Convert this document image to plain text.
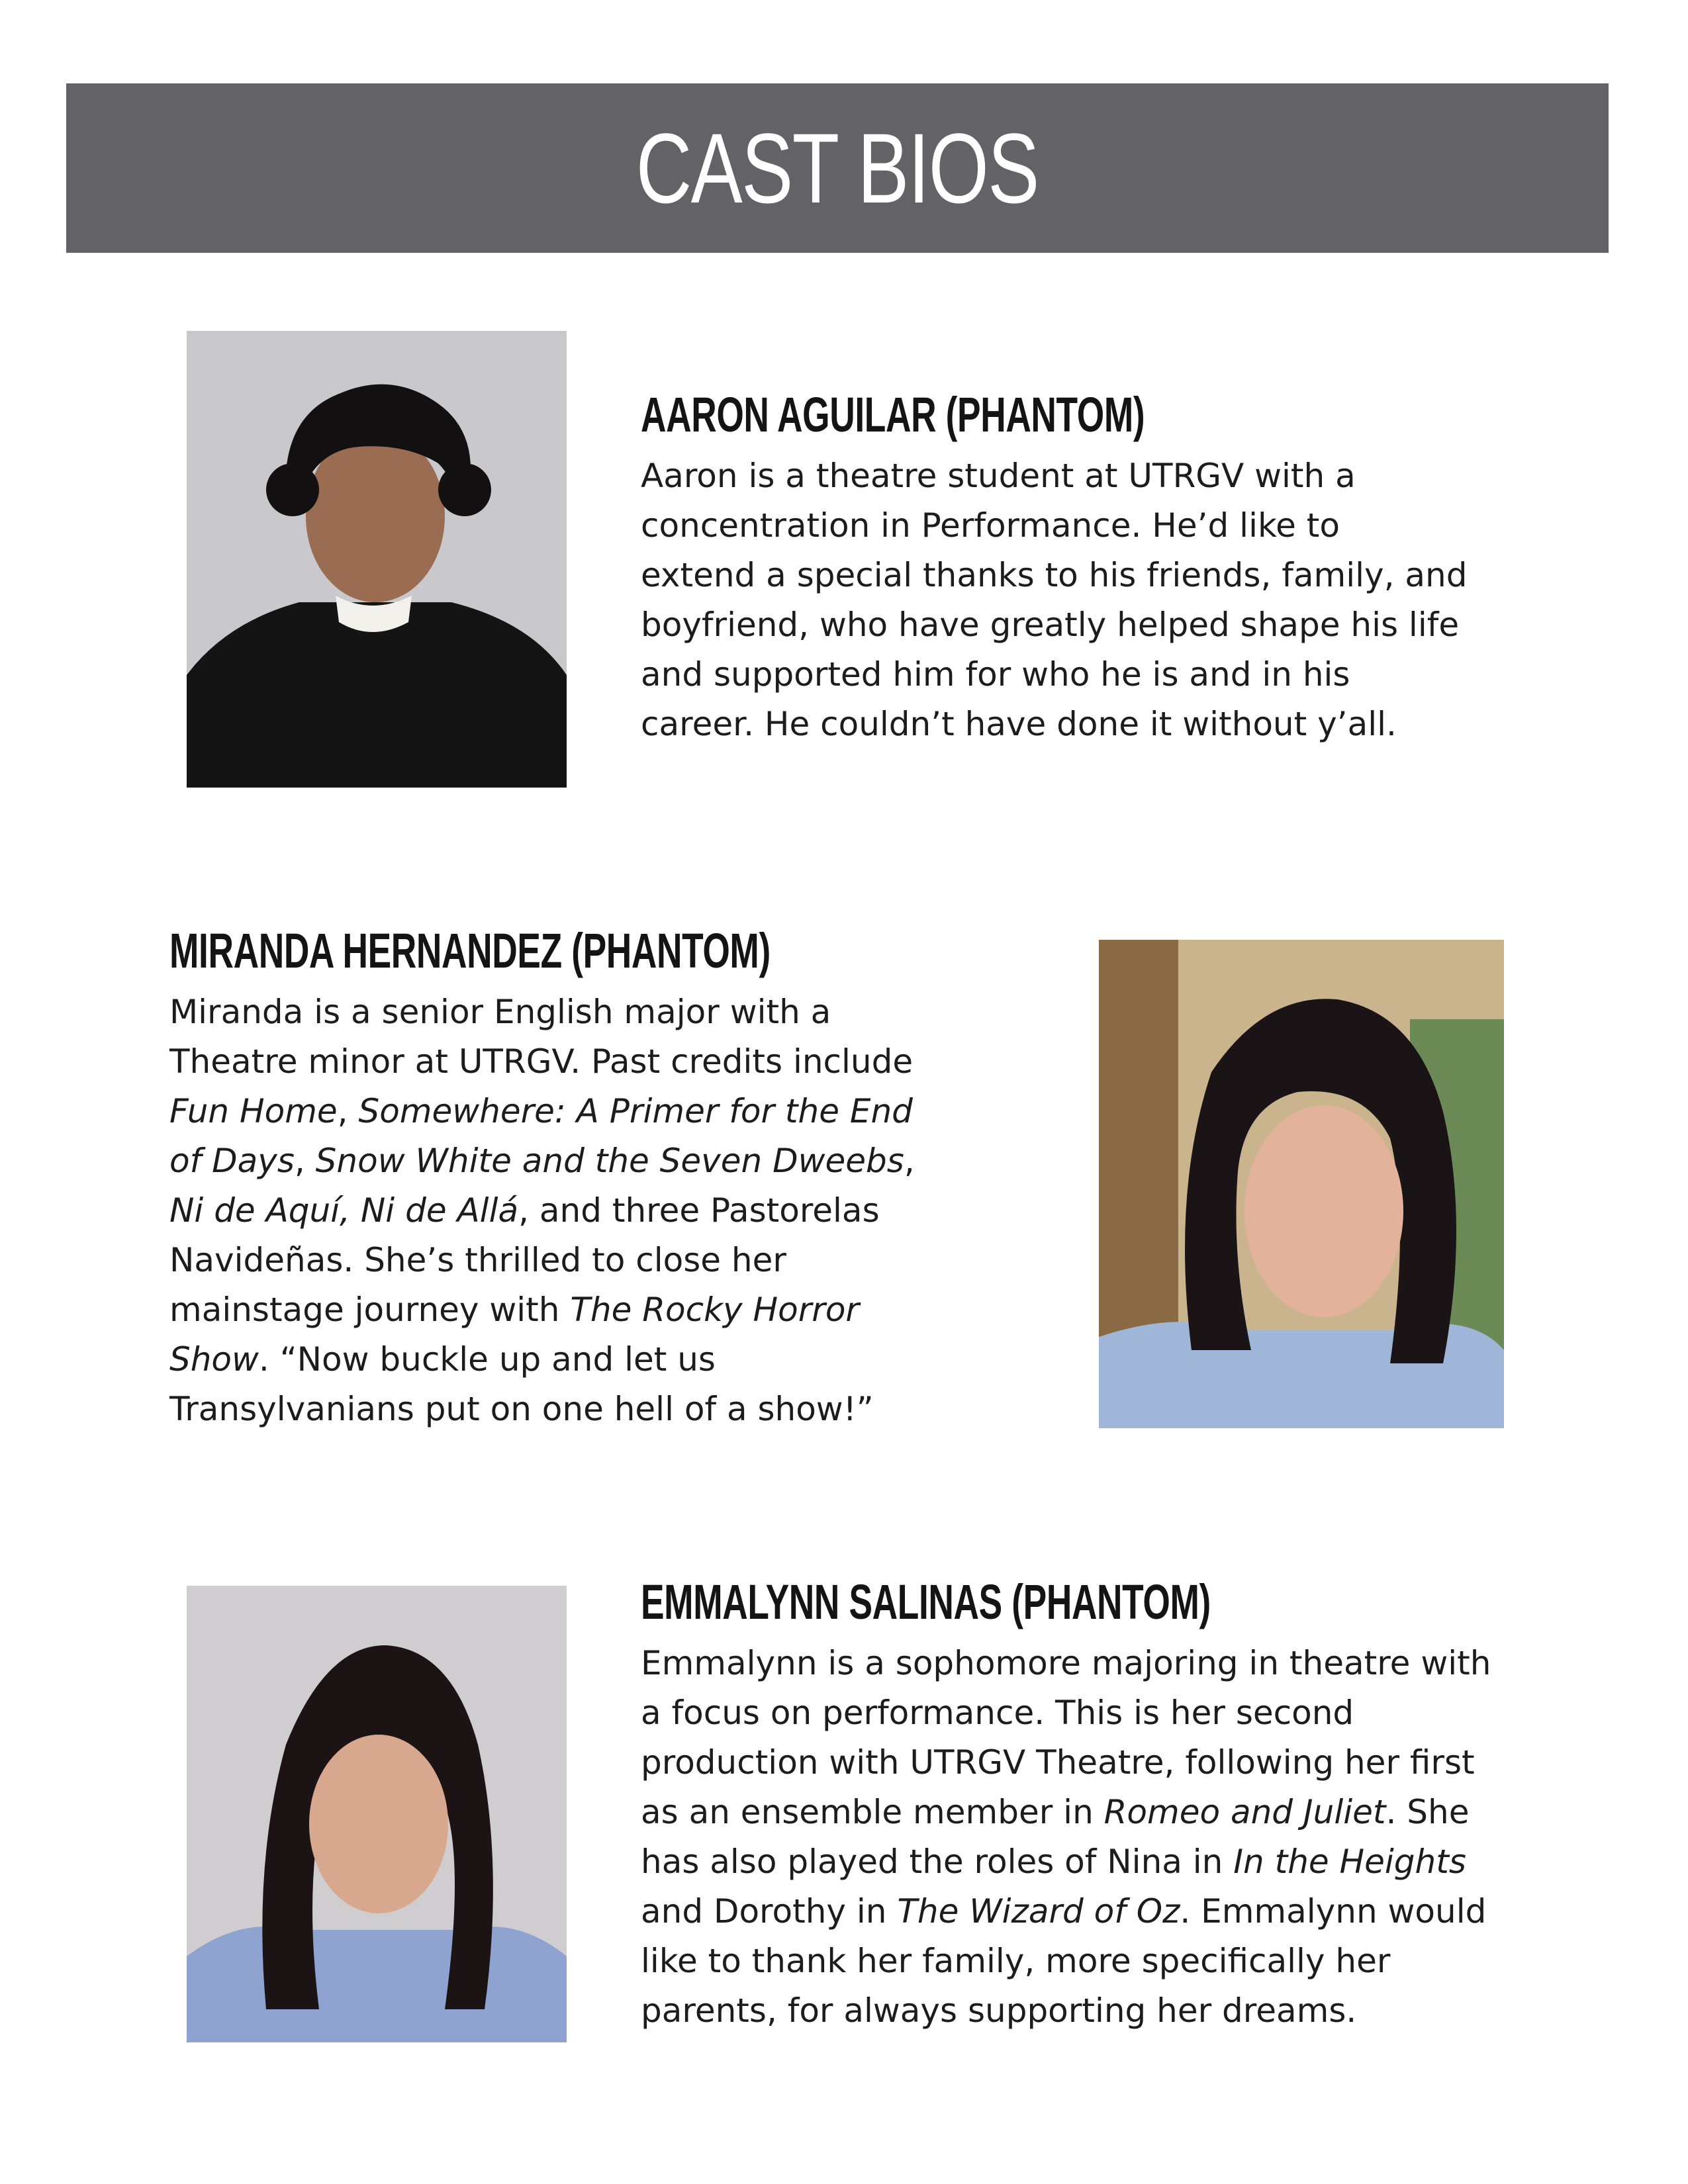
CAST BIOS
AARON AGUILAR (PHANTOM)

Aaron is a theatre student at UTRGV with a
concentration in Performance. He’d like to
extend a special thanks to his friends, family, and
boyfriend, who have greatly helped shape his life
and supported him for who he is and in his
career. He couldn’t have done it without y’all.

MIRANDA HERNANDEZ (PHANTOM)

Miranda is a senior English major with a
Theatre minor at UTRGV. Past credits include
Fun Home, Somewhere: A Primer for the End
of Days, Snow White and the Seven Dweebs,
Ni de Aquí, Ni de Allá, and three Pastorelas
Navideñas. She’s thrilled to close her
mainstage journey with The Rocky Horror
Show. “Now buckle up and let us
Transylvanians put on one hell of a show!”

EMMALYNN SALINAS (PHANTOM)

Emmalynn is a sophomore majoring in theatre with
a focus on performance. This is her second
production with UTRGV Theatre, following her first
as an ensemble member in Romeo and Juliet. She
has also played the roles of Nina in In the Heights
and Dorothy in The Wizard of Oz. Emmalynn would
like to thank her family, more specifically her
parents, for always supporting her dreams.
